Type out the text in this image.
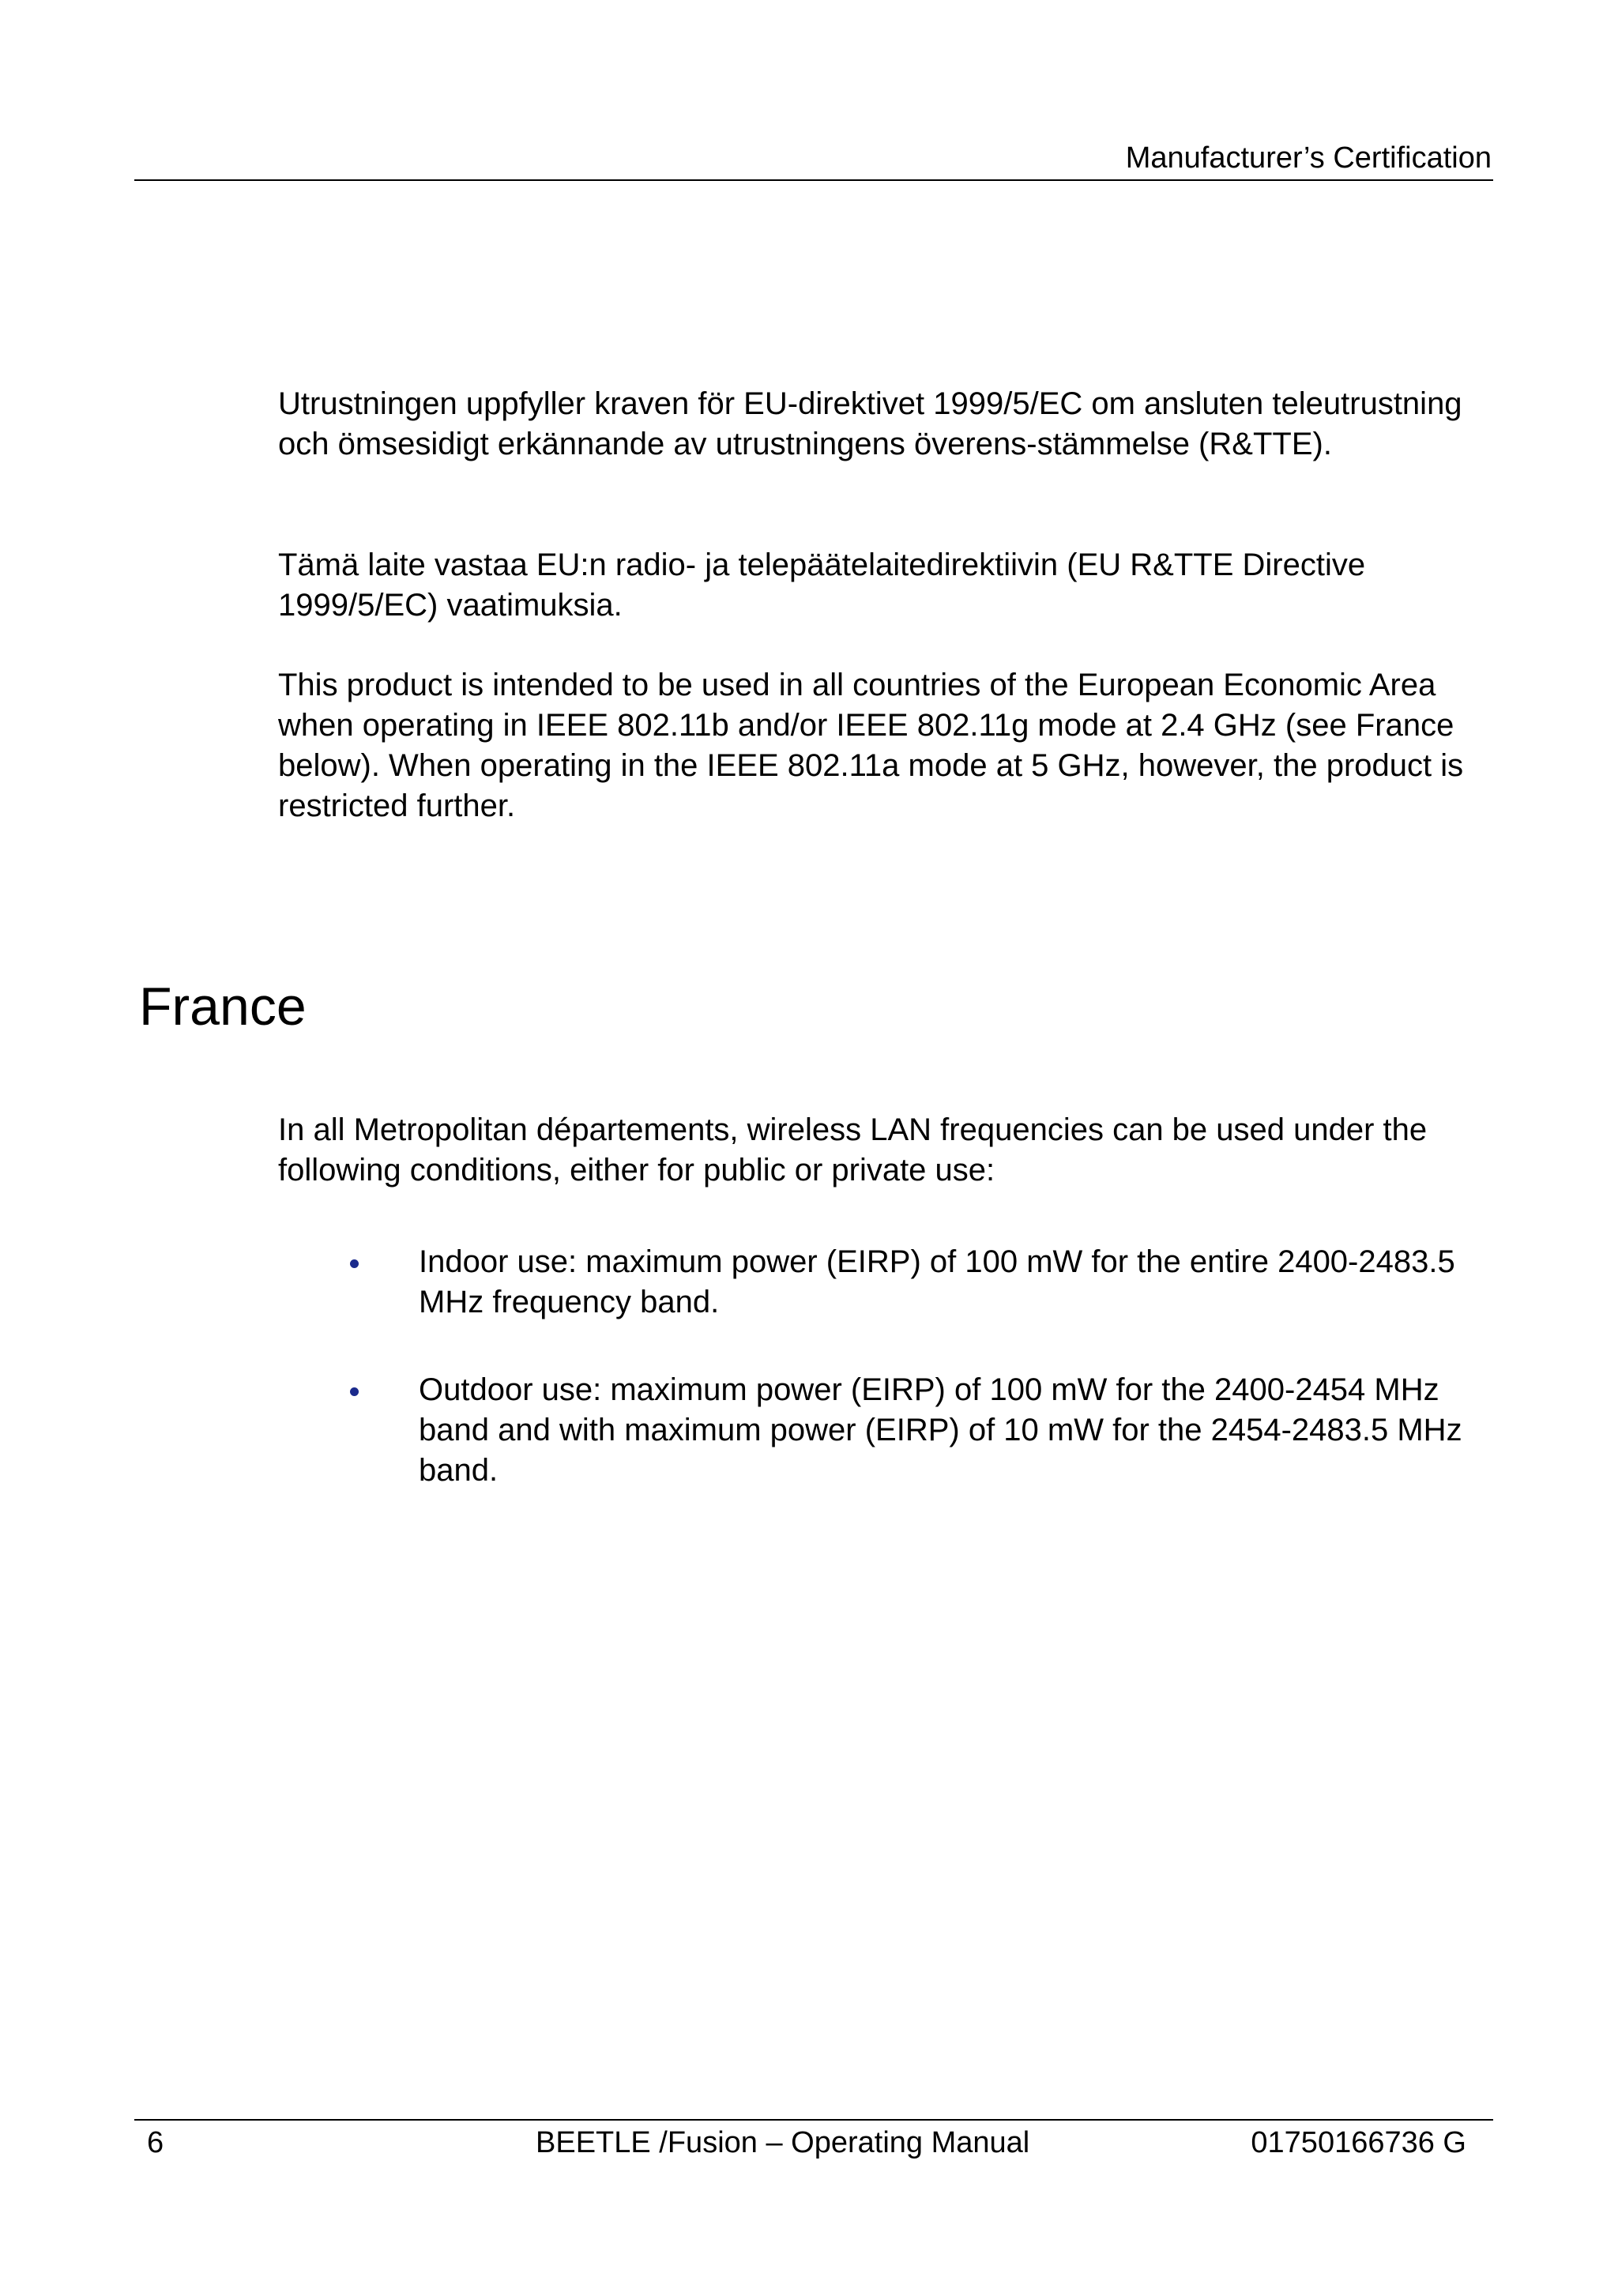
Manufacturer’s Certification

Utrustningen uppfyller kraven för EU-direktivet 1999/5/EC om ansluten teleutrustning och ömsesidigt erkännande av utrustningens överens-stämmelse (R&TTE).

Tämä laite vastaa EU:n radio- ja telepäätelaitedirektiivin (EU R&TTE Directive 1999/5/EC) vaatimuksia.

This product is intended to be used in all countries of the European Economic Area when operating in IEEE 802.11b and/or IEEE 802.11g mode at 2.4 GHz (see France below). When operating in the IEEE 802.11a mode at 5 GHz, however, the product is restricted further.

France

In all Metropolitan départements, wireless LAN frequencies can be used under the following conditions, either for public or private use:

Indoor use: maximum power (EIRP) of 100 mW for the entire 2400-2483.5 MHz frequency band.
Outdoor use: maximum power (EIRP) of 100 mW for the 2400-2454 MHz band and with maximum power (EIRP) of 10 mW for the 2454-2483.5 MHz band.
6	BEETLE /Fusion – Operating Manual	01750166736 G
